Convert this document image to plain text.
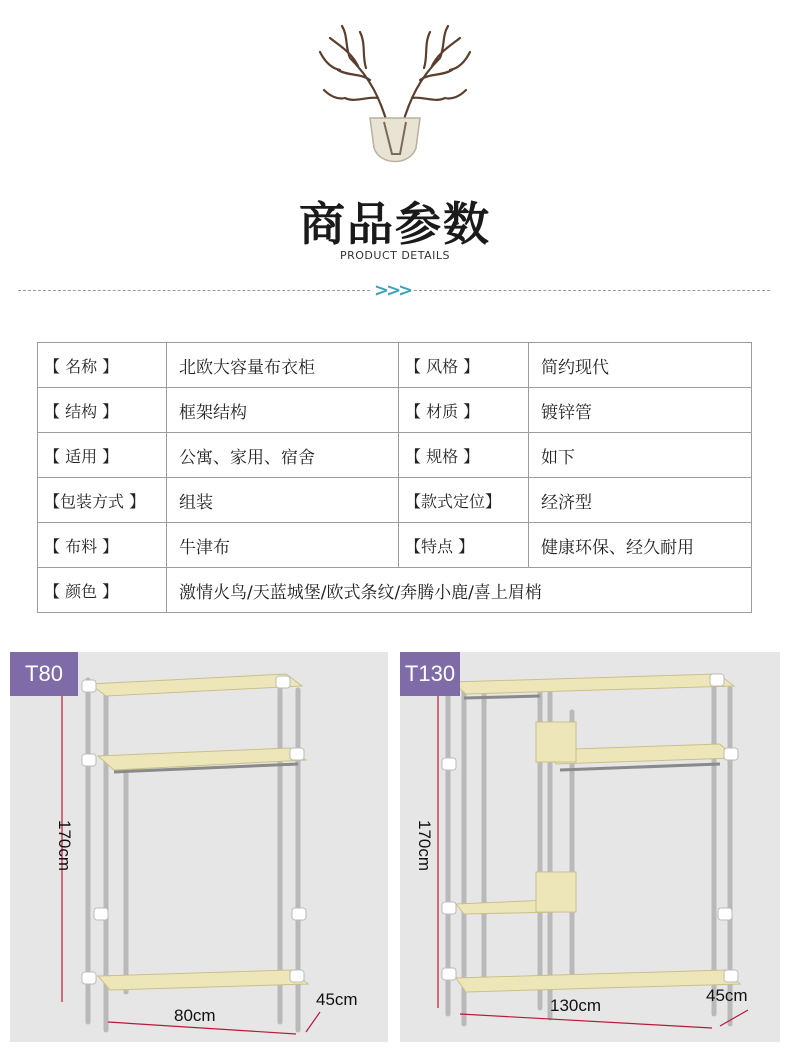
商品参数
PRODUCT DETAILS
>>>
【 名称 】	北欧大容量布衣柜	【 风格 】	简约现代
【 结构 】	框架结构	【 材质 】	镀锌管
【 适用 】	公寓、家用、宿舍	【 规格 】	如下
【包装方式 】	组装	【款式定位】	经济型
【 布料 】	牛津布	【特点 】	健康环保、经久耐用
【 颜色 】	激情火鸟/天蓝城堡/欧式条纹/奔腾小鹿/喜上眉梢		
T80
170cm
80cm
45cm
T130
170cm
130cm
45cm
